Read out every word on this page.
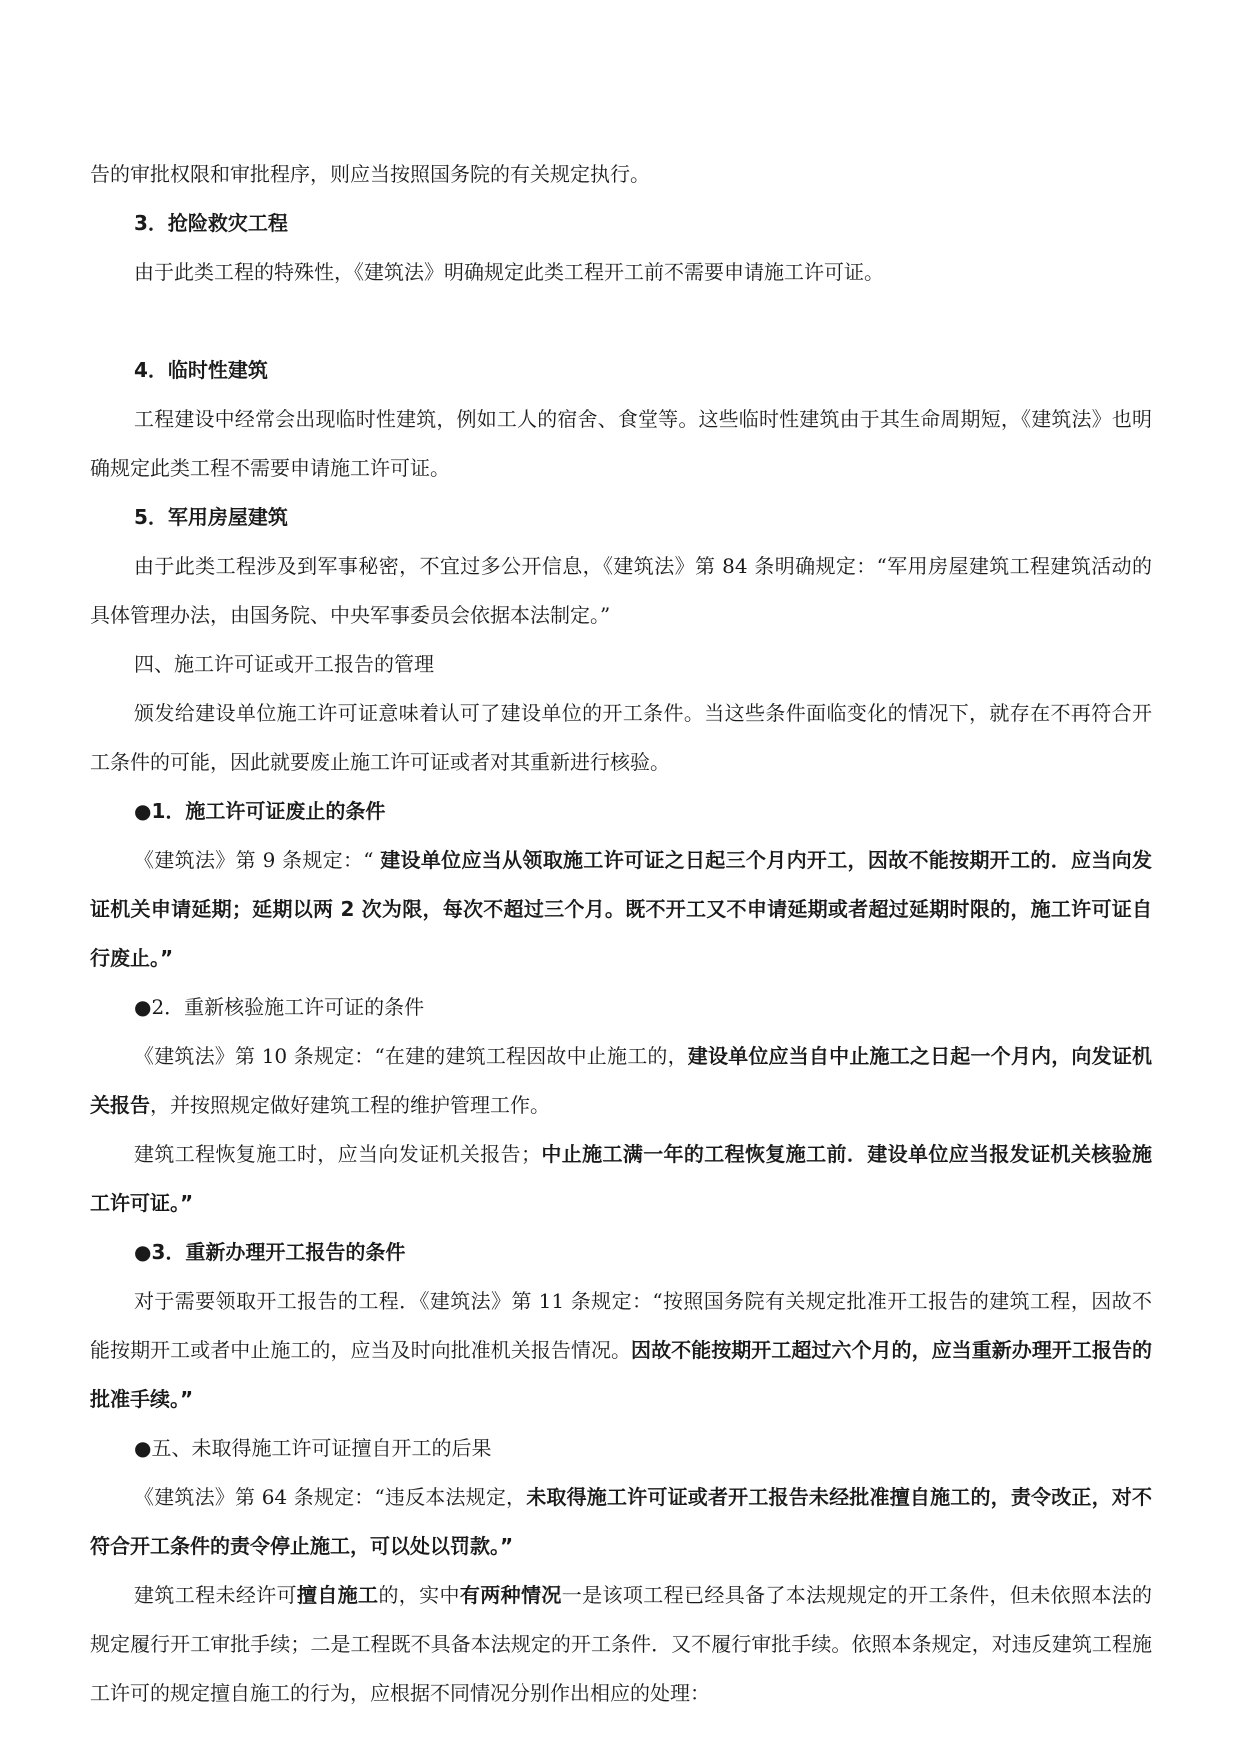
告的审批权限和审批程序，则应当按照国务院的有关规定执行。

3．抢险救灾工程

由于此类工程的特殊性，《建筑法》明确规定此类工程开工前不需要申请施工许可证。

4．临时性建筑

工程建设中经常会出现临时性建筑，例如工人的宿舍、食堂等。这些临时性建筑由于其生命周期短，《建筑法》也明确规定此类工程不需要申请施工许可证。

5．军用房屋建筑

由于此类工程涉及到军事秘密，不宜过多公开信息，《建筑法》第 84 条明确规定：“军用房屋建筑工程建筑活动的具体管理办法，由国务院、中央军事委员会依据本法制定。”

四、施工许可证或开工报告的管理

颁发给建设单位施工许可证意味着认可了建设单位的开工条件。当这些条件面临变化的情况下，就存在不再符合开工条件的可能，因此就要废止施工许可证或者对其重新进行核验。

●1．施工许可证废止的条件

《建筑法》第 9 条规定：“ 建设单位应当从领取施工许可证之日起三个月内开工，因故不能按期开工的．应当向发证机关申请延期；延期以两 2 次为限，每次不超过三个月。既不开工又不申请延期或者超过延期时限的，施工许可证自行废止。”

●2．重新核验施工许可证的条件

《建筑法》第 10 条规定：“在建的建筑工程因故中止施工的，建设单位应当自中止施工之日起一个月内，向发证机关报告，并按照规定做好建筑工程的维护管理工作。

建筑工程恢复施工时，应当向发证机关报告；中止施工满一年的工程恢复施工前．建设单位应当报发证机关核验施工许可证。”

●3．重新办理开工报告的条件

对于需要领取开工报告的工程．《建筑法》第 11 条规定：“按照国务院有关规定批准开工报告的建筑工程，因故不能按期开工或者中止施工的，应当及时向批准机关报告情况。因故不能按期开工超过六个月的，应当重新办理开工报告的批准手续。”

●五、未取得施工许可证擅自开工的后果

《建筑法》第 64 条规定：“违反本法规定，未取得施工许可证或者开工报告未经批准擅自施工的，责令改正，对不符合开工条件的责令停止施工，可以处以罚款。”

建筑工程未经许可擅自施工的，实中有两种情况一是该项工程已经具备了本法规规定的开工条件，但未依照本法的规定履行开工审批手续；二是工程既不具备本法规定的开工条件．又不履行审批手续。依照本条规定，对违反建筑工程施工许可的规定擅自施工的行为，应根据不同情况分别作出相应的处理：
